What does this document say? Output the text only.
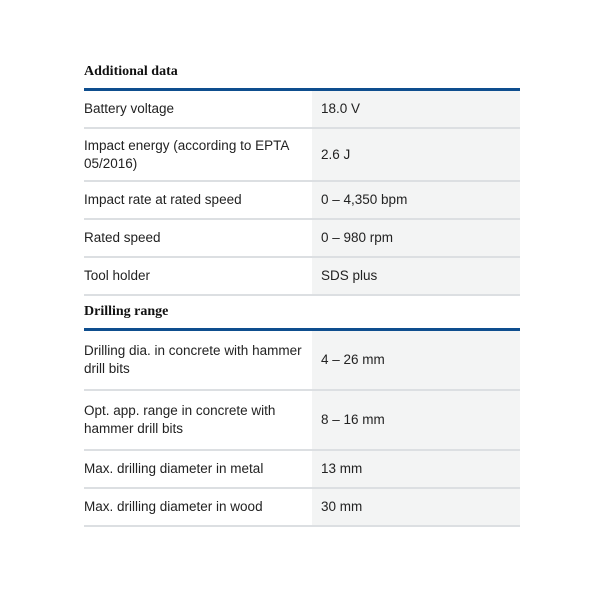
Additional data
Battery voltage	18.0 V
Impact energy (according to EPTA 05/2016)	2.6 J
Impact rate at rated speed	0 – 4,350 bpm
Rated speed	0 – 980 rpm
Tool holder	SDS plus
Drilling range
Drilling dia. in concrete with hammer drill bits	4 – 26 mm
Opt. app. range in concrete with hammer drill bits	8 – 16 mm
Max. drilling diameter in metal	13 mm
Max. drilling diameter in wood	30 mm
